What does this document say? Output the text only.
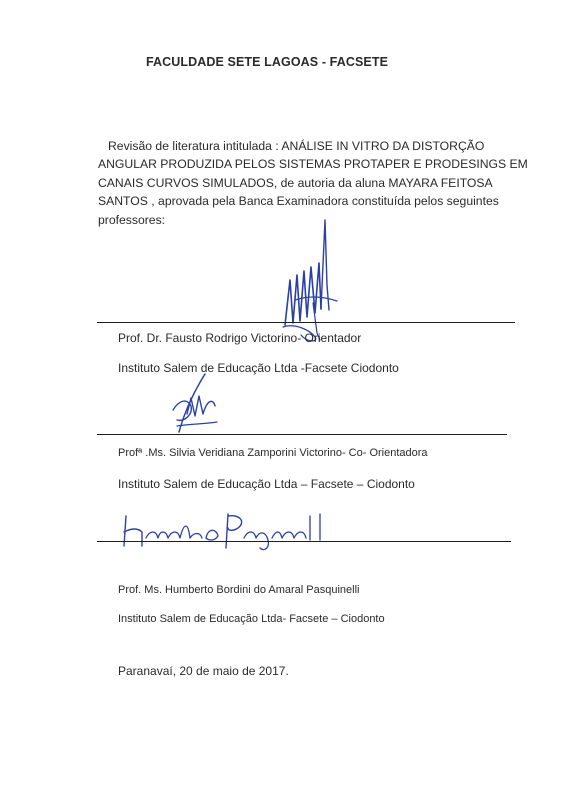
FACULDADE SETE LAGOAS - FACSETE
Revisão de literatura intitulada : ANÁLISE IN VITRO DA DISTORÇÃO
ANGULAR PRODUZIDA PELOS SISTEMAS PROTAPER E PRODESINGS EM
CANAIS CURVOS SIMULADOS, de autoria da aluna MAYARA FEITOSA
SANTOS , aprovada pela Banca Examinadora constituída pelos seguintes
professores:
Prof. Dr. Fausto Rodrigo Victorino- Orientador
Instituto Salem de Educação Ltda -Facsete Ciodonto
Profª .Ms. Silvia Veridiana Zamporini Victorino- Co- Orientadora
Instituto Salem de Educação Ltda – Facsete – Ciodonto
Prof. Ms. Humberto Bordini do Amaral Pasquinelli
Instituto Salem de Educação Ltda- Facsete – Ciodonto
Paranavaí, 20 de maio de 2017.
